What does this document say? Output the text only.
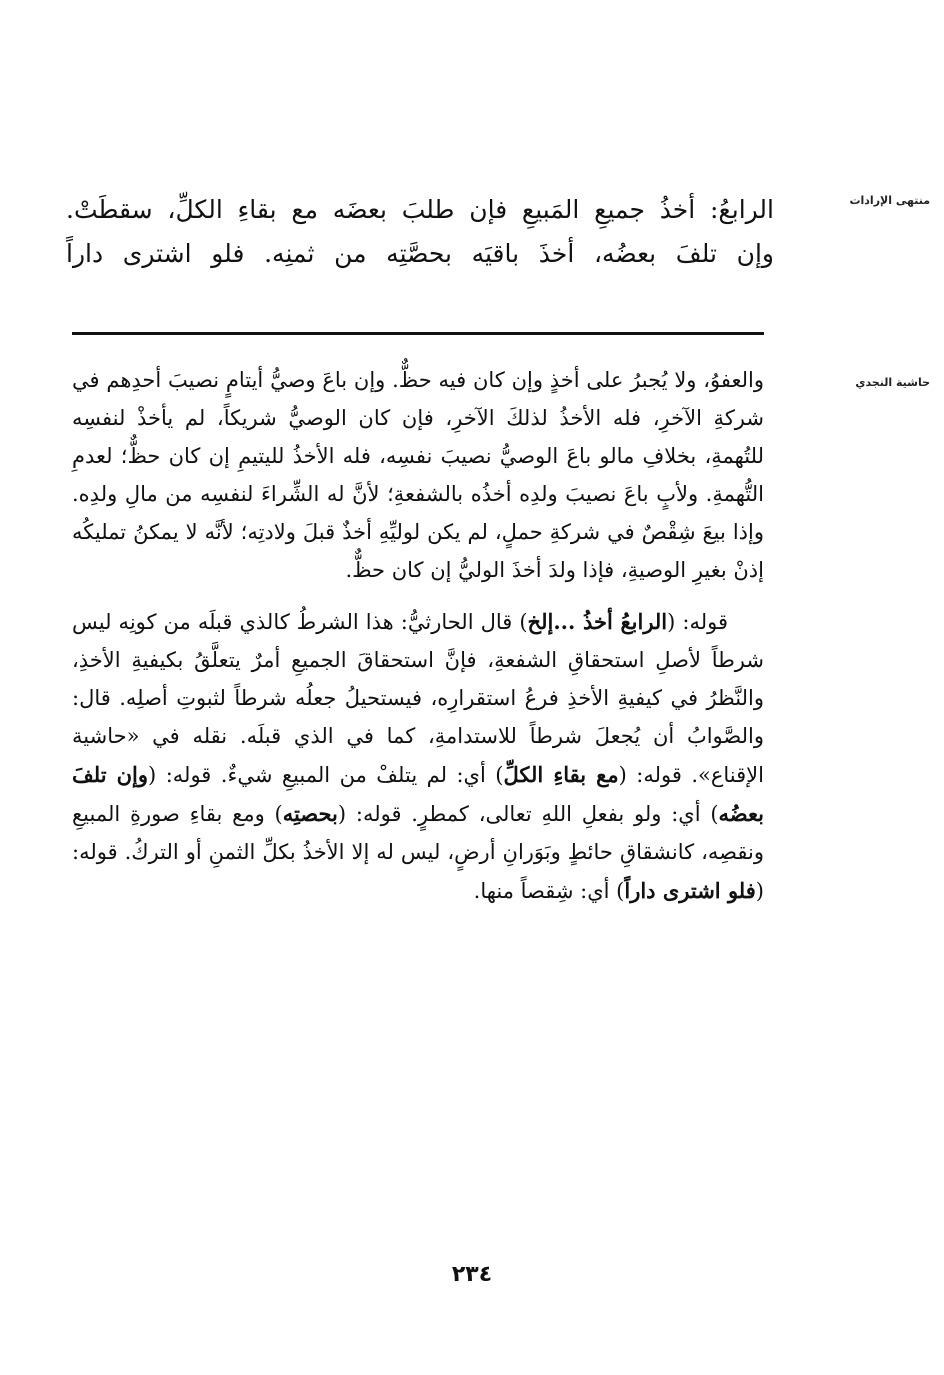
منتهى الإرادات
حاشية النجدي

الرابعُ: أخذُ جميعِ المَبيعِ فإن طلبَ بعضَه مع بقاءِ الكلِّ، سقطَتْ.

وإن تلفَ بعضُه، أخذَ باقيَه بحصَّتِه من ثمنِه. فلو اشترى داراً

والعفوُ، ولا يُجبرُ على أخذٍ وإن كان فيه حظٌّ. وإن باعَ وصيُّ أيتامٍ نصيبَ أحدِهم في شركةِ الآخرِ، فله الأخذُ لذلكَ الآخرِ، فإن كان الوصيُّ شريكاً، لم يأخذْ لنفسِه للتُهمةِ، بخلافِ مالو باعَ الوصيُّ نصيبَ نفسِه، فله الأخذُ لليتيمِ إن كان حظٌّ؛ لعدمِ التُّهمةِ. ولأبٍ باعَ نصيبَ ولدِه أخذُه بالشفعةِ؛ لأنَّ له الشِّراءَ لنفسِه من مالِ ولدِه. وإذا بيعَ شِقْصٌ في شركةِ حملٍ، لم يكن لوليِّهِ أخذٌ قبلَ ولادتِه؛ لأنَّه لا يمكنُ تمليكُه إذنْ بغيرِ الوصيةِ، فإذا ولدَ أخذَ الوليُّ إن كان حظٌّ.

قوله: (الرابعُ أخذُ ...إلخ) قال الحارثيُّ: هذا الشرطُ كالذي قبلَه من كونِه ليس شرطاً لأصلِ استحقاقِ الشفعةِ، فإنَّ استحقاقَ الجميعِ أمرٌ يتعلَّقُ بكيفيةِ الأخذِ، والنَّظرُ في كيفيةِ الأخذِ فرعُ استقرارِه، فيستحيلُ جعلُه شرطاً لثبوتِ أصلِه. قال: والصَّوابُ أن يُجعلَ شرطاً للاستدامةِ، كما في الذي قبلَه. نقله في «حاشية الإقناع». قوله: (مع بقاءِ الكلِّ) أي: لم يتلفْ من المبيعِ شيءٌ. قوله: (وإن تلفَ بعضُه) أي: ولو بفعلِ اللهِ تعالى، كمطرٍ. قوله: (بحصتِه) ومع بقاءِ صورةِ المبيعِ ونقصِه، كانشقاقِ حائطٍ وبَوَرانِ أرضٍ، ليس له إلا الأخذُ بكلِّ الثمنِ أو التركُ. قوله: (فلو اشترى داراً) أي: شِقصاً منها.

٢٣٤
